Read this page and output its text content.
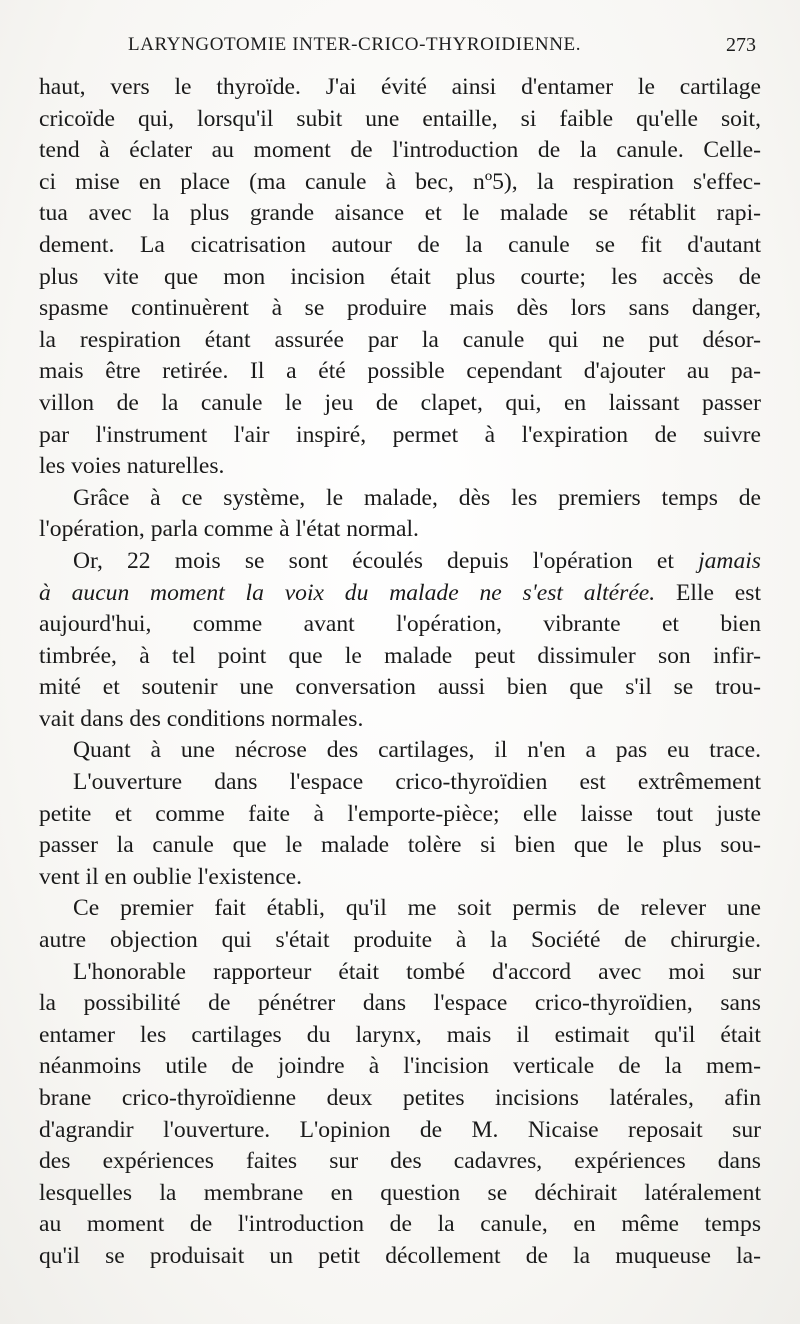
LARYNGOTOMIE INTER-CRICO-THYROIDIENNE.	273
haut, vers le thyroïde. J'ai évité ainsi d'entamer le cartilage
cricoïde qui, lorsqu'il subit une entaille, si faible qu'elle soit,
tend à éclater au moment de l'introduction de la canule. Celle-
ci mise en place (ma canule à bec, nº5), la respiration s'effec-
tua avec la plus grande aisance et le malade se rétablit rapi-
dement. La cicatrisation autour de la canule se fit d'autant
plus vite que mon incision était plus courte; les accès de
spasme continuèrent à se produire mais dès lors sans danger,
la respiration étant assurée par la canule qui ne put désor-
mais être retirée. Il a été possible cependant d'ajouter au pa-
villon de la canule le jeu de clapet, qui, en laissant passer
par l'instrument l'air inspiré, permet à l'expiration de suivre
les voies naturelles.
Grâce à ce système, le malade, dès les premiers temps de
l'opération, parla comme à l'état normal.
Or, 22 mois se sont écoulés depuis l'opération et jamais
à aucun moment la voix du malade ne s'est altérée. Elle est
aujourd'hui, comme avant l'opération, vibrante et bien
timbrée, à tel point que le malade peut dissimuler son infir-
mité et soutenir une conversation aussi bien que s'il se trou-
vait dans des conditions normales.
Quant à une nécrose des cartilages, il n'en a pas eu trace.
L'ouverture dans l'espace crico-thyroïdien est extrêmement
petite et comme faite à l'emporte-pièce; elle laisse tout juste
passer la canule que le malade tolère si bien que le plus sou-
vent il en oublie l'existence.
Ce premier fait établi, qu'il me soit permis de relever une
autre objection qui s'était produite à la Société de chirurgie.
L'honorable rapporteur était tombé d'accord avec moi sur
la possibilité de pénétrer dans l'espace crico-thyroïdien, sans
entamer les cartilages du larynx, mais il estimait qu'il était
néanmoins utile de joindre à l'incision verticale de la mem-
brane crico-thyroïdienne deux petites incisions latérales, afin
d'agrandir l'ouverture. L'opinion de M. Nicaise reposait sur
des expériences faites sur des cadavres, expériences dans
lesquelles la membrane en question se déchirait latéralement
au moment de l'introduction de la canule, en même temps
qu'il se produisait un petit décollement de la muqueuse la-
